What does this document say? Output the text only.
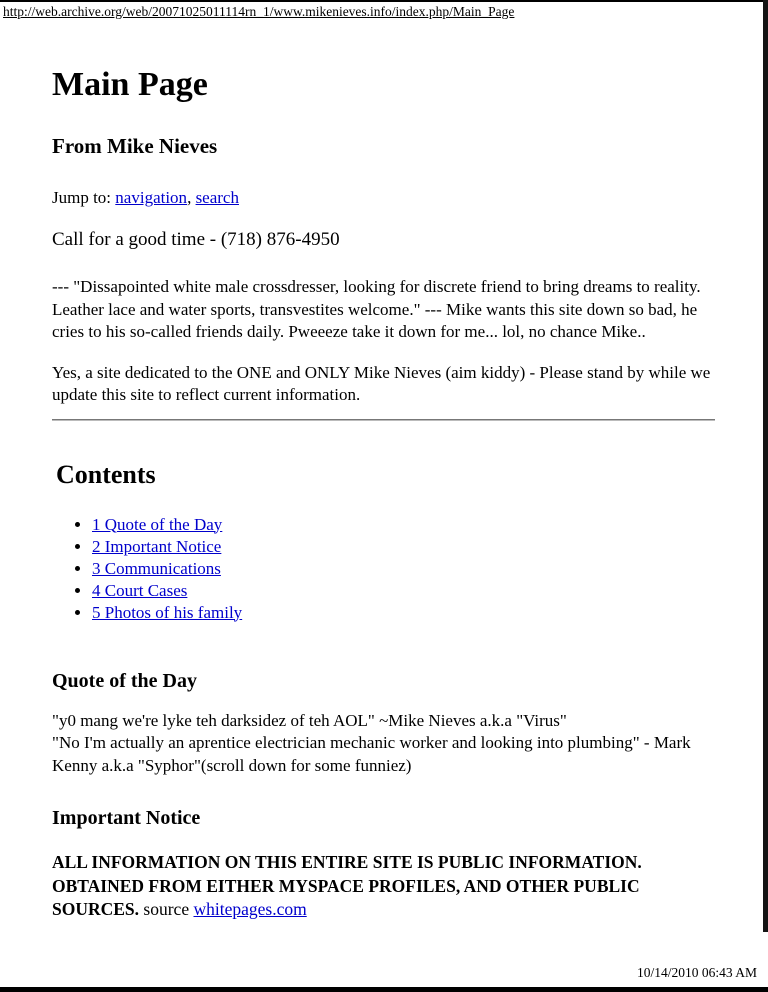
http://web.archive.org/web/20071025011114rn_1/www.mikenieves.info/index.php/Main_Page
Main Page
From Mike Nieves
Jump to: navigation, search
Call for a good time - (718) 876-4950

--- "Dissapointed white male crossdresser, looking for discrete friend to bring dreams to reality. Leather lace and water sports, transvestites welcome." --- Mike wants this site down so bad, he cries to his so-called friends daily. Pweeeze take it down for me... lol, no chance Mike..

Yes, a site dedicated to the ONE and ONLY Mike Nieves (aim kiddy) - Please stand by while we update this site to reflect current information.

Contents
• 1 Quote of the Day
• 2 Important Notice
• 3 Communications
• 4 Court Cases
• 5 Photos of his family
Quote of the Day

"y0 mang we're lyke teh darksidez of teh AOL" ~Mike Nieves a.k.a "Virus"
"No I'm actually an aprentice electrician mechanic worker and looking into plumbing" - Mark Kenny a.k.a "Syphor"(scroll down for some funniez)

Important Notice

ALL INFORMATION ON THIS ENTIRE SITE IS PUBLIC INFORMATION. OBTAINED FROM EITHER MYSPACE PROFILES, AND OTHER PUBLIC SOURCES. source whitepages.com

10/14/2010 06:43 AM
